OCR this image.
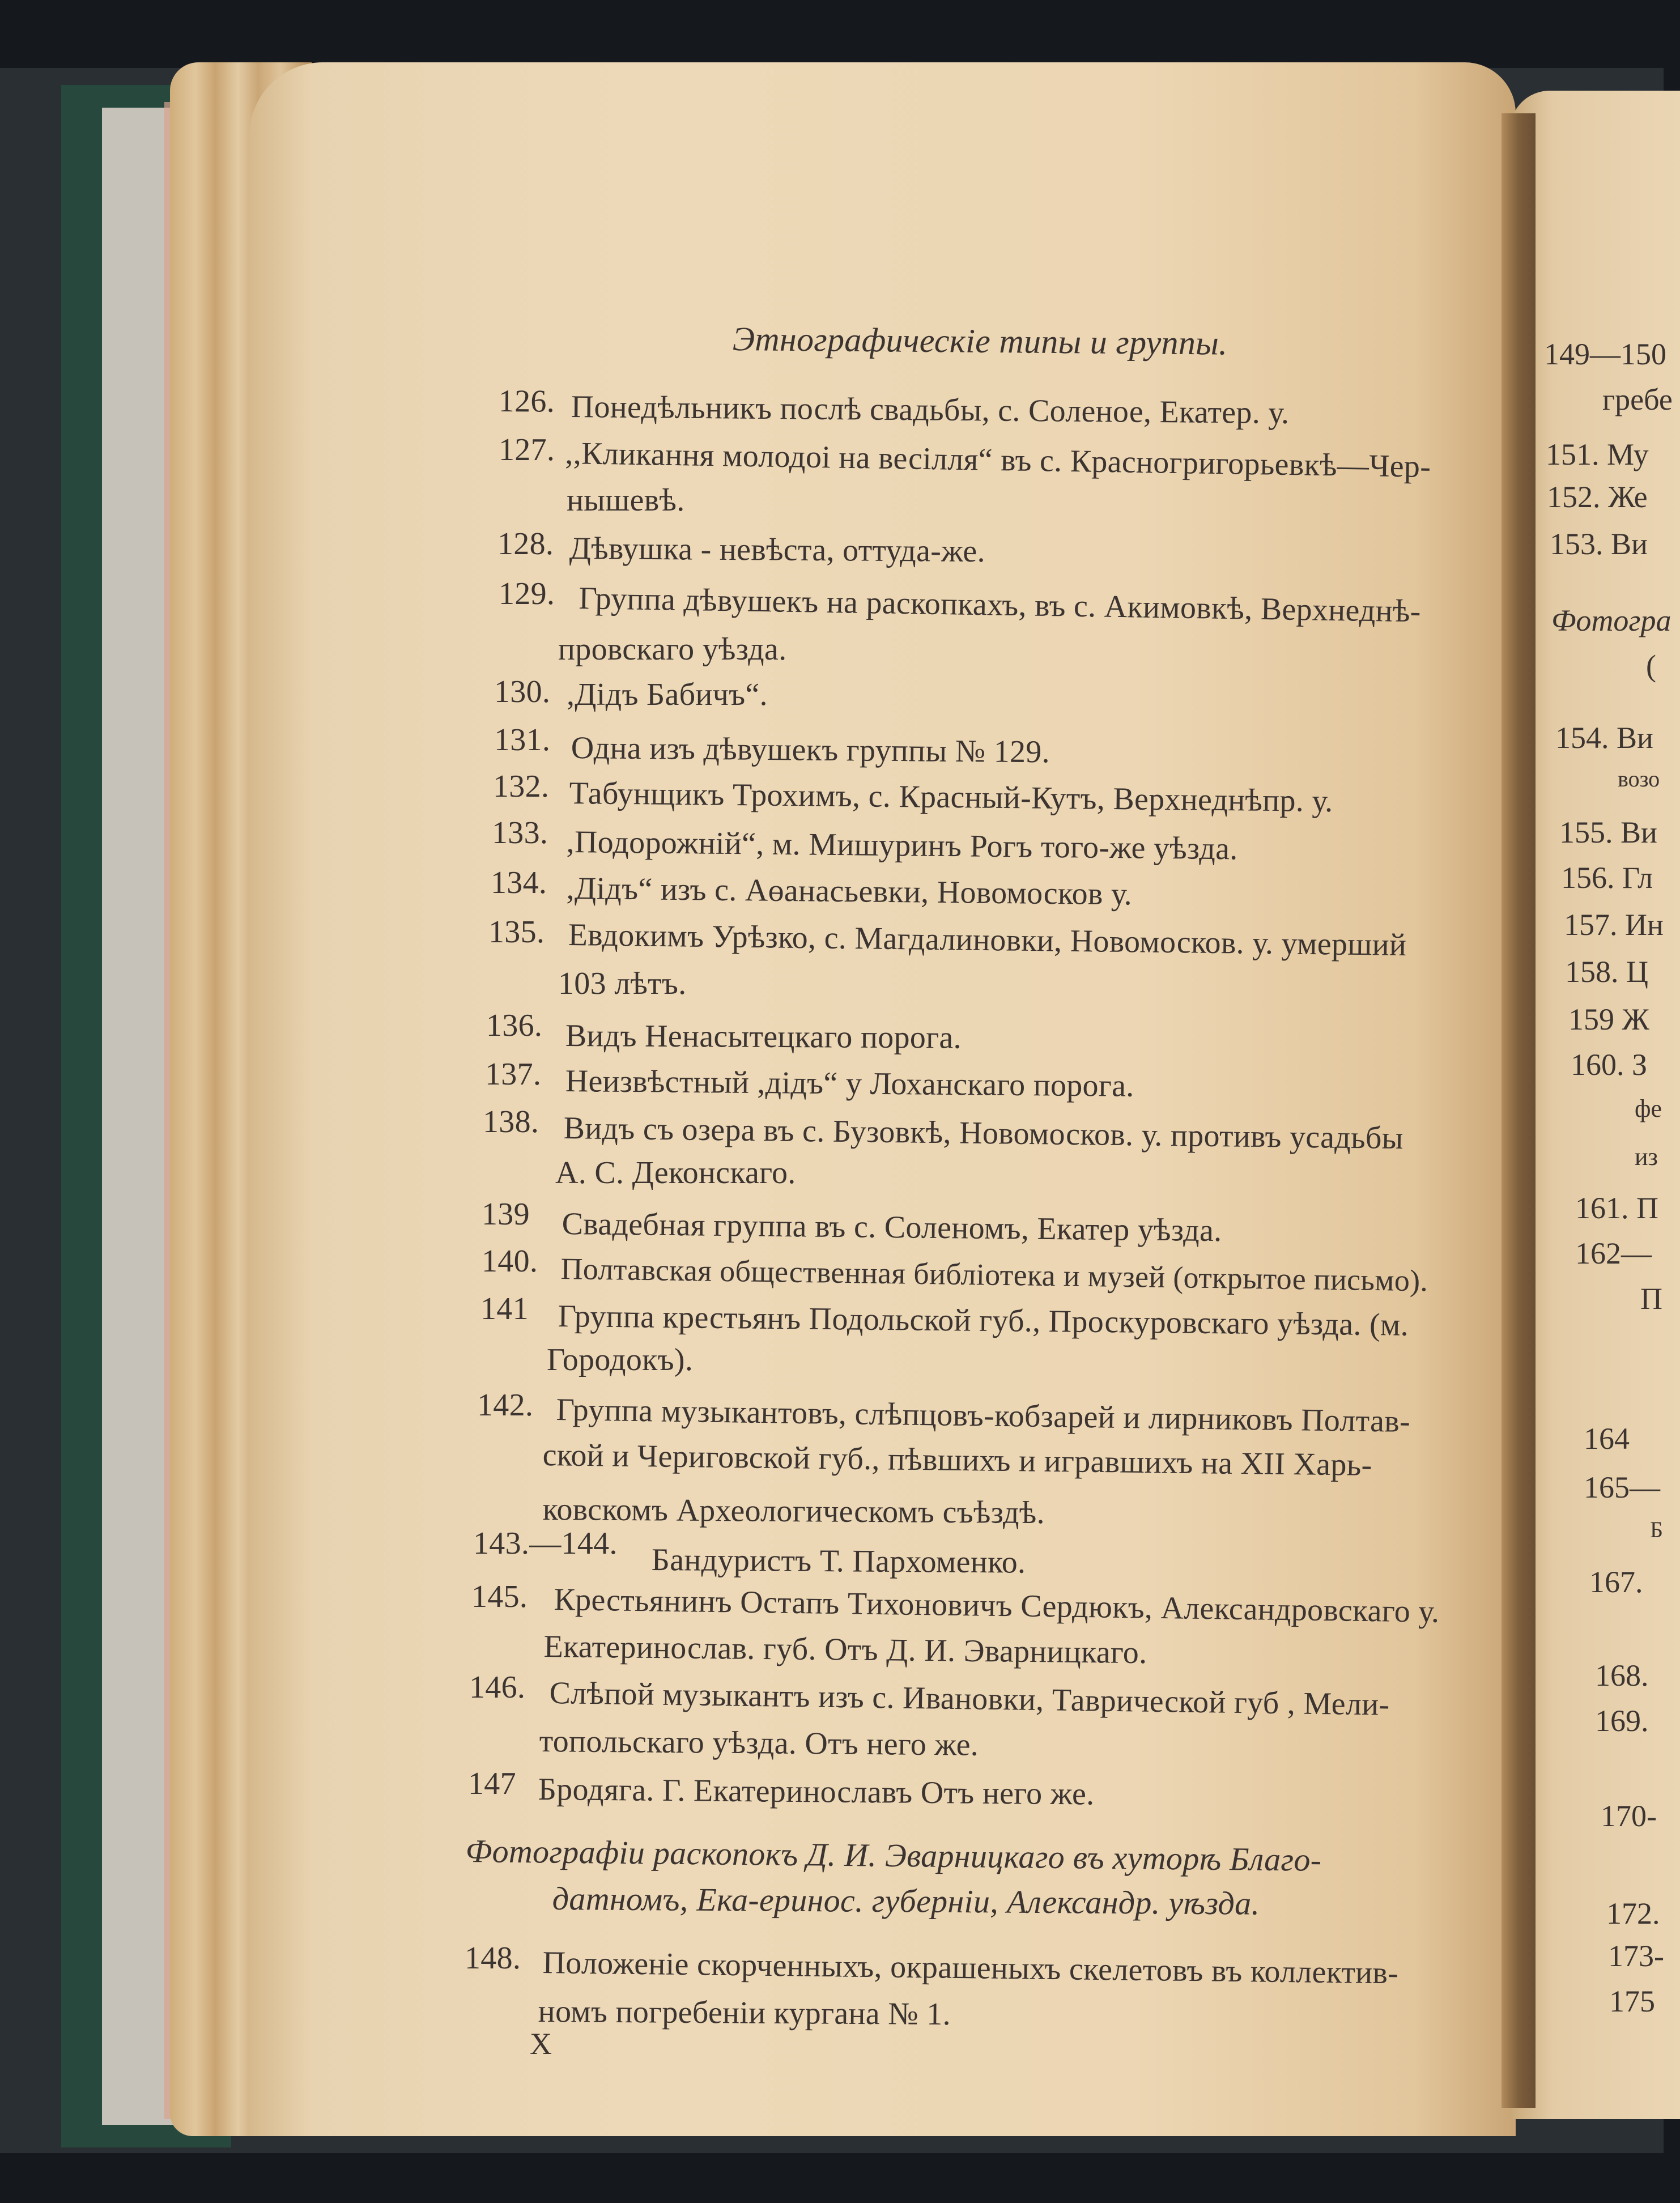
Этнографическiе типы и группы.
126. Понедѣльникъ послѣ свадьбы, с. Соленое, Екатер. у.
127. ,,Кликання молодоі на весілля“ въ с. Красногригорьевкѣ—Чер-
нышевѣ.
128. Дѣвушка - невѣста, оттуда-же.
129. Группа дѣвушекъ на раскопкахъ, въ с. Акимовкѣ, Верхнеднѣ-
провскаго уѣзда.
130. ,Дідъ Бабичъ“.
131. Одна изъ дѣвушекъ группы № 129.
132. Табунщикъ Трохимъ, с. Красный-Кутъ, Верхнеднѣпр. у.
133. ,Подорожній“, м. Мишуринъ Рогъ того-же уѣзда.
134. ,Дідъ“ изъ с. Аөанасьевки, Новомосков у.
135. Евдокимъ Урѣзко, с. Магдалиновки, Новомосков. у. умерший
103 лѣтъ.
136. Видъ Ненасытецкаго порога.
137. Неизвѣстный ,дідъ“ у Лоханскаго порога.
138. Видъ съ озера въ с. Бузовкѣ, Новомосков. у. противъ усадьбы
А. С. Деконскаго.
139 Свадебная группа въ с. Соленомъ, Екатер уѣзда.
140. Полтавская общественная библіотека и музей (открытое письмо).
141 Группа крестьянъ Подольской губ., Проскуровскаго уѣзда. (м.
Городокъ).
142. Группа музыкантовъ, слѣпцовъ-кобзарей и лирниковъ Полтав-
ской и Чериговской губ., пѣвшихъ и игравшихъ на XII Харь-
ковскомъ Археологическомъ съѣздѣ.
143.—144. Бандуристъ Т. Пархоменко.
145. Крестьянинъ Остапъ Тихоновичъ Сердюкъ, Александровскаго у.
Екатеринослав. губ. Отъ Д. И. Эварницкаго.
146. Слѣпой музыкантъ изъ с. Ивановки, Таврической губ , Мели-
топольскаго уѣзда. Отъ него же.
147 Бродяга. Г. Екатеринославъ Отъ него же.
Фотографіи раскопокъ Д. И. Эварницкаго въ хуторѣ Благо-
датномъ, Ека-еринос. губерніи, Александр. уѣзда.
148. Положеніе скорченныхъ, окрашеныхъ скелетовъ въ коллектив-
номъ погребеніи кургана № 1.
X
149—150
гребе
151. Му
152. Же
153. Ви
Фотогра
(
154. Ви
возо
155. Ви
156. Гл
157. Ин
158. Ц
159 Ж
160. З
фе
из
161. П
162—
П
164
165—
Б
167.
168.
169.
170-
172.
173-
175
